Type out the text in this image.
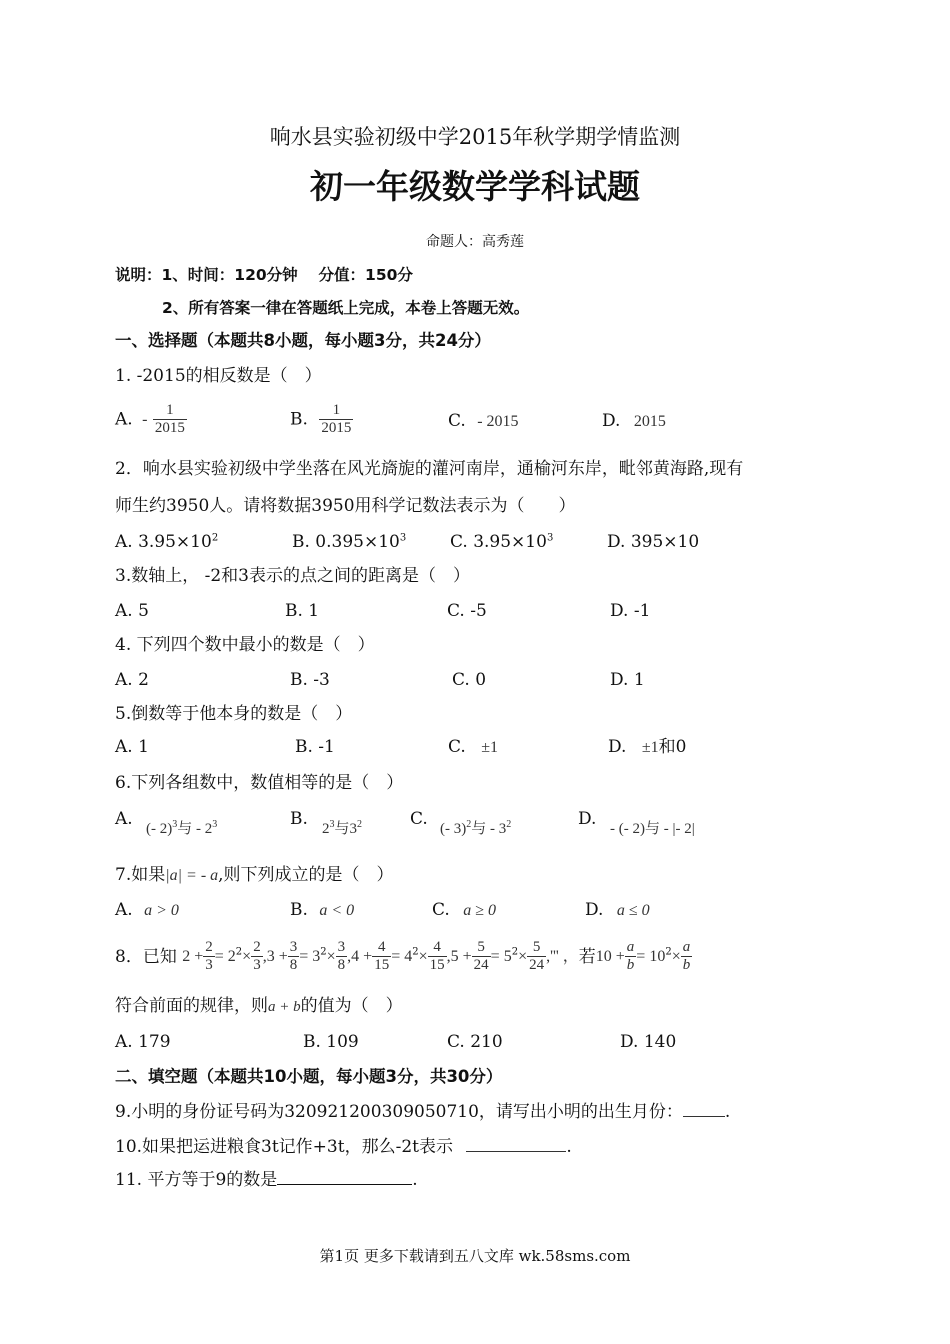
响水县实验初级中学2015年秋学期学情监测
初一年级数学学科试题
命题人：高秀莲
说明：1、时间：120分钟　 分值：150分
2、所有答案一律在答题纸上完成，本卷上答题无效。
一、选择题（本题共8小题，每小题3分，共24分）
1. -2015的相反数是（　）
A. - $\frac{1}{2015}$	B. $\frac{1}{2015}$	C. - 2015	D. 2015
2．响水县实验初级中学坐落在风光旖旎的灌河南岸，通榆河东岸，毗邻黄海路,现有
师生约3950人。请将数据3950用科学记数法表示为（　　）
A. $3.95\times 10^2$	B. $0.395\times 10^3$	C. $3.95\times 10^3$	D. 395×10
3.数轴上， -2和3表示的点之间的距离是（　）
A. 5	B. 1	C. -5	D. -1
4. 下列四个数中最小的数是（　）
A. 2	B. -3	C. 0	D. 1
5.倒数等于他本身的数是（　）
A. 1	B. -1	C. ±1	D. ±1和0
6.下列各组数中，数值相等的是（　）
A. (- 2)$^3$与 - $2^3$	B. $2^3$与$3^2$	C. (- 3)$^2$与 - $3^2$	D. - (- 2)与 - |- 2|
7.如果|a| = - a,则下列成立的是（　）
A. a > 0	B. a < 0	C. a ≥ 0	D. a ≤ 0
8．已知 $2 + \frac{2}{3} = 2^2\times \frac{2}{3} ,3 + \frac{3}{8} = 3^2\times \frac{3}{8} ,4 + \frac{4}{15} = 4^2\times \frac{4}{15} ,5 + \frac{5}{24} = 5^2\times \frac{5}{24}$ ,''' ，若$10 + \frac{a}{b} = 10^2\times \frac{a}{b}$
符合前面的规律，则a + b的值为（　）
A. 179	B. 109	C. 210	D. 140
二、填空题（本题共10小题，每小题3分，共30分）
9.小明的身份证号码为320921200309050710，请写出小明的出生月份： .
10.如果把运进粮食3t记作+3t，那么-2t表示	.
11. 平方等于9的数是	.
第1页 更多下载请到五八文库 wk.58sms.com
